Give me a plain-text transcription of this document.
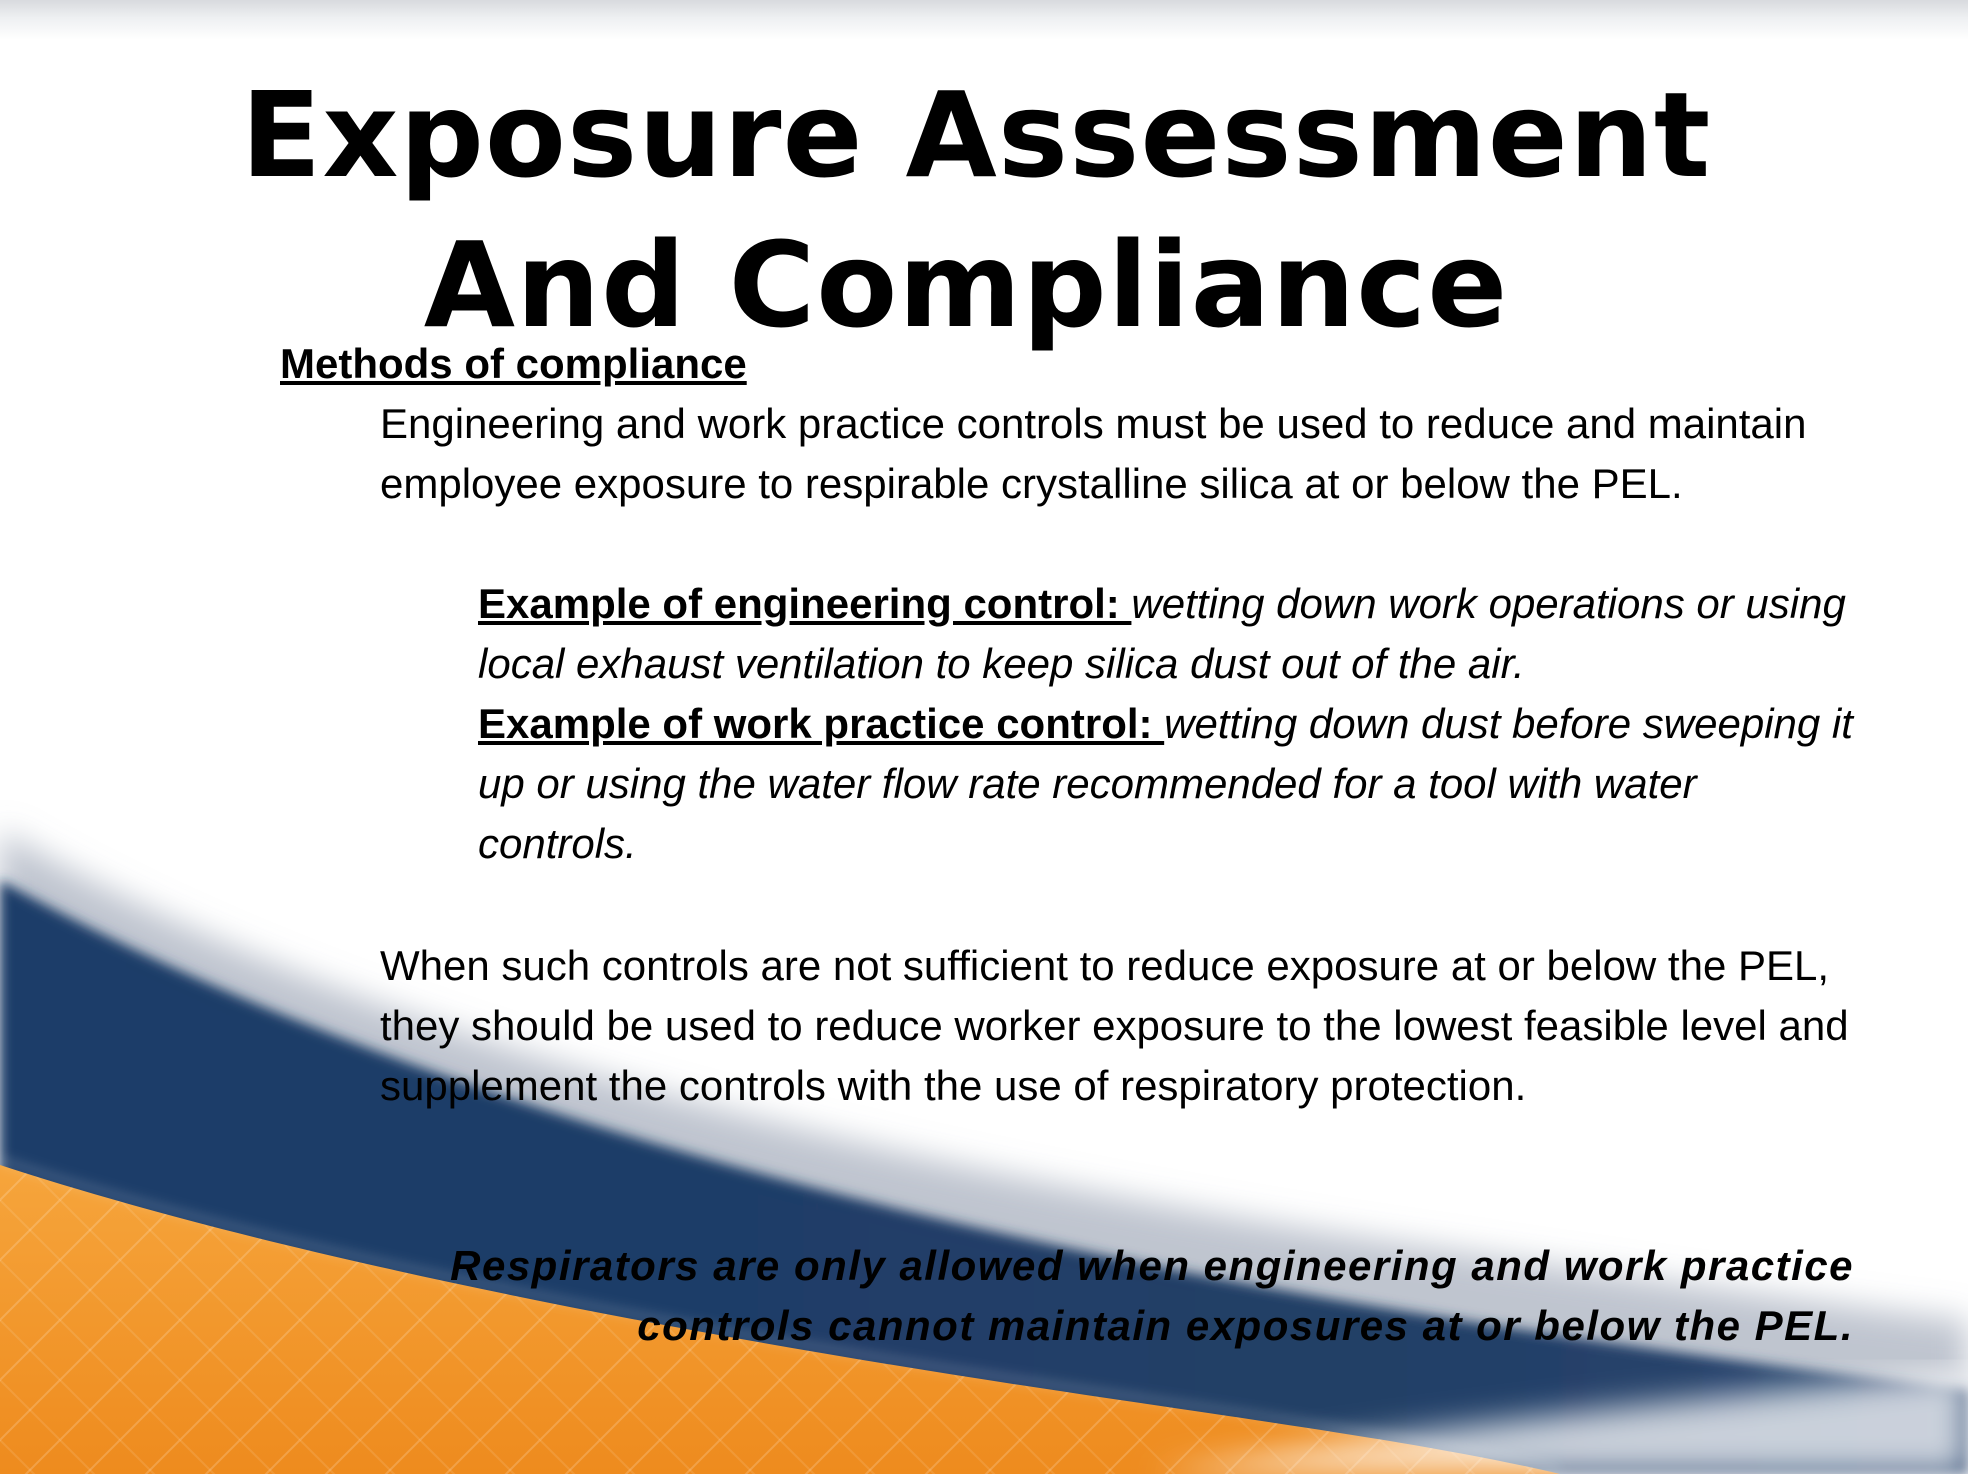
Exposure Assessment
And Compliance

Methods of compliance

Engineering and work practice controls must be used to reduce and maintain employee exposure to respirable crystalline silica at or below the PEL.

Example of engineering control: wetting down work operations or using local exhaust ventilation to keep silica dust out of the air.

Example of work practice control: wetting down dust before sweeping it up or using the water flow rate recommended for a tool with water controls.

When such controls are not sufficient to reduce exposure at or below the PEL, they should be used to reduce worker exposure to the lowest feasible level and supplement the controls with the use of respiratory protection.

Respirators are only allowed when engineering and work practice controls cannot maintain exposures at or below the PEL.
